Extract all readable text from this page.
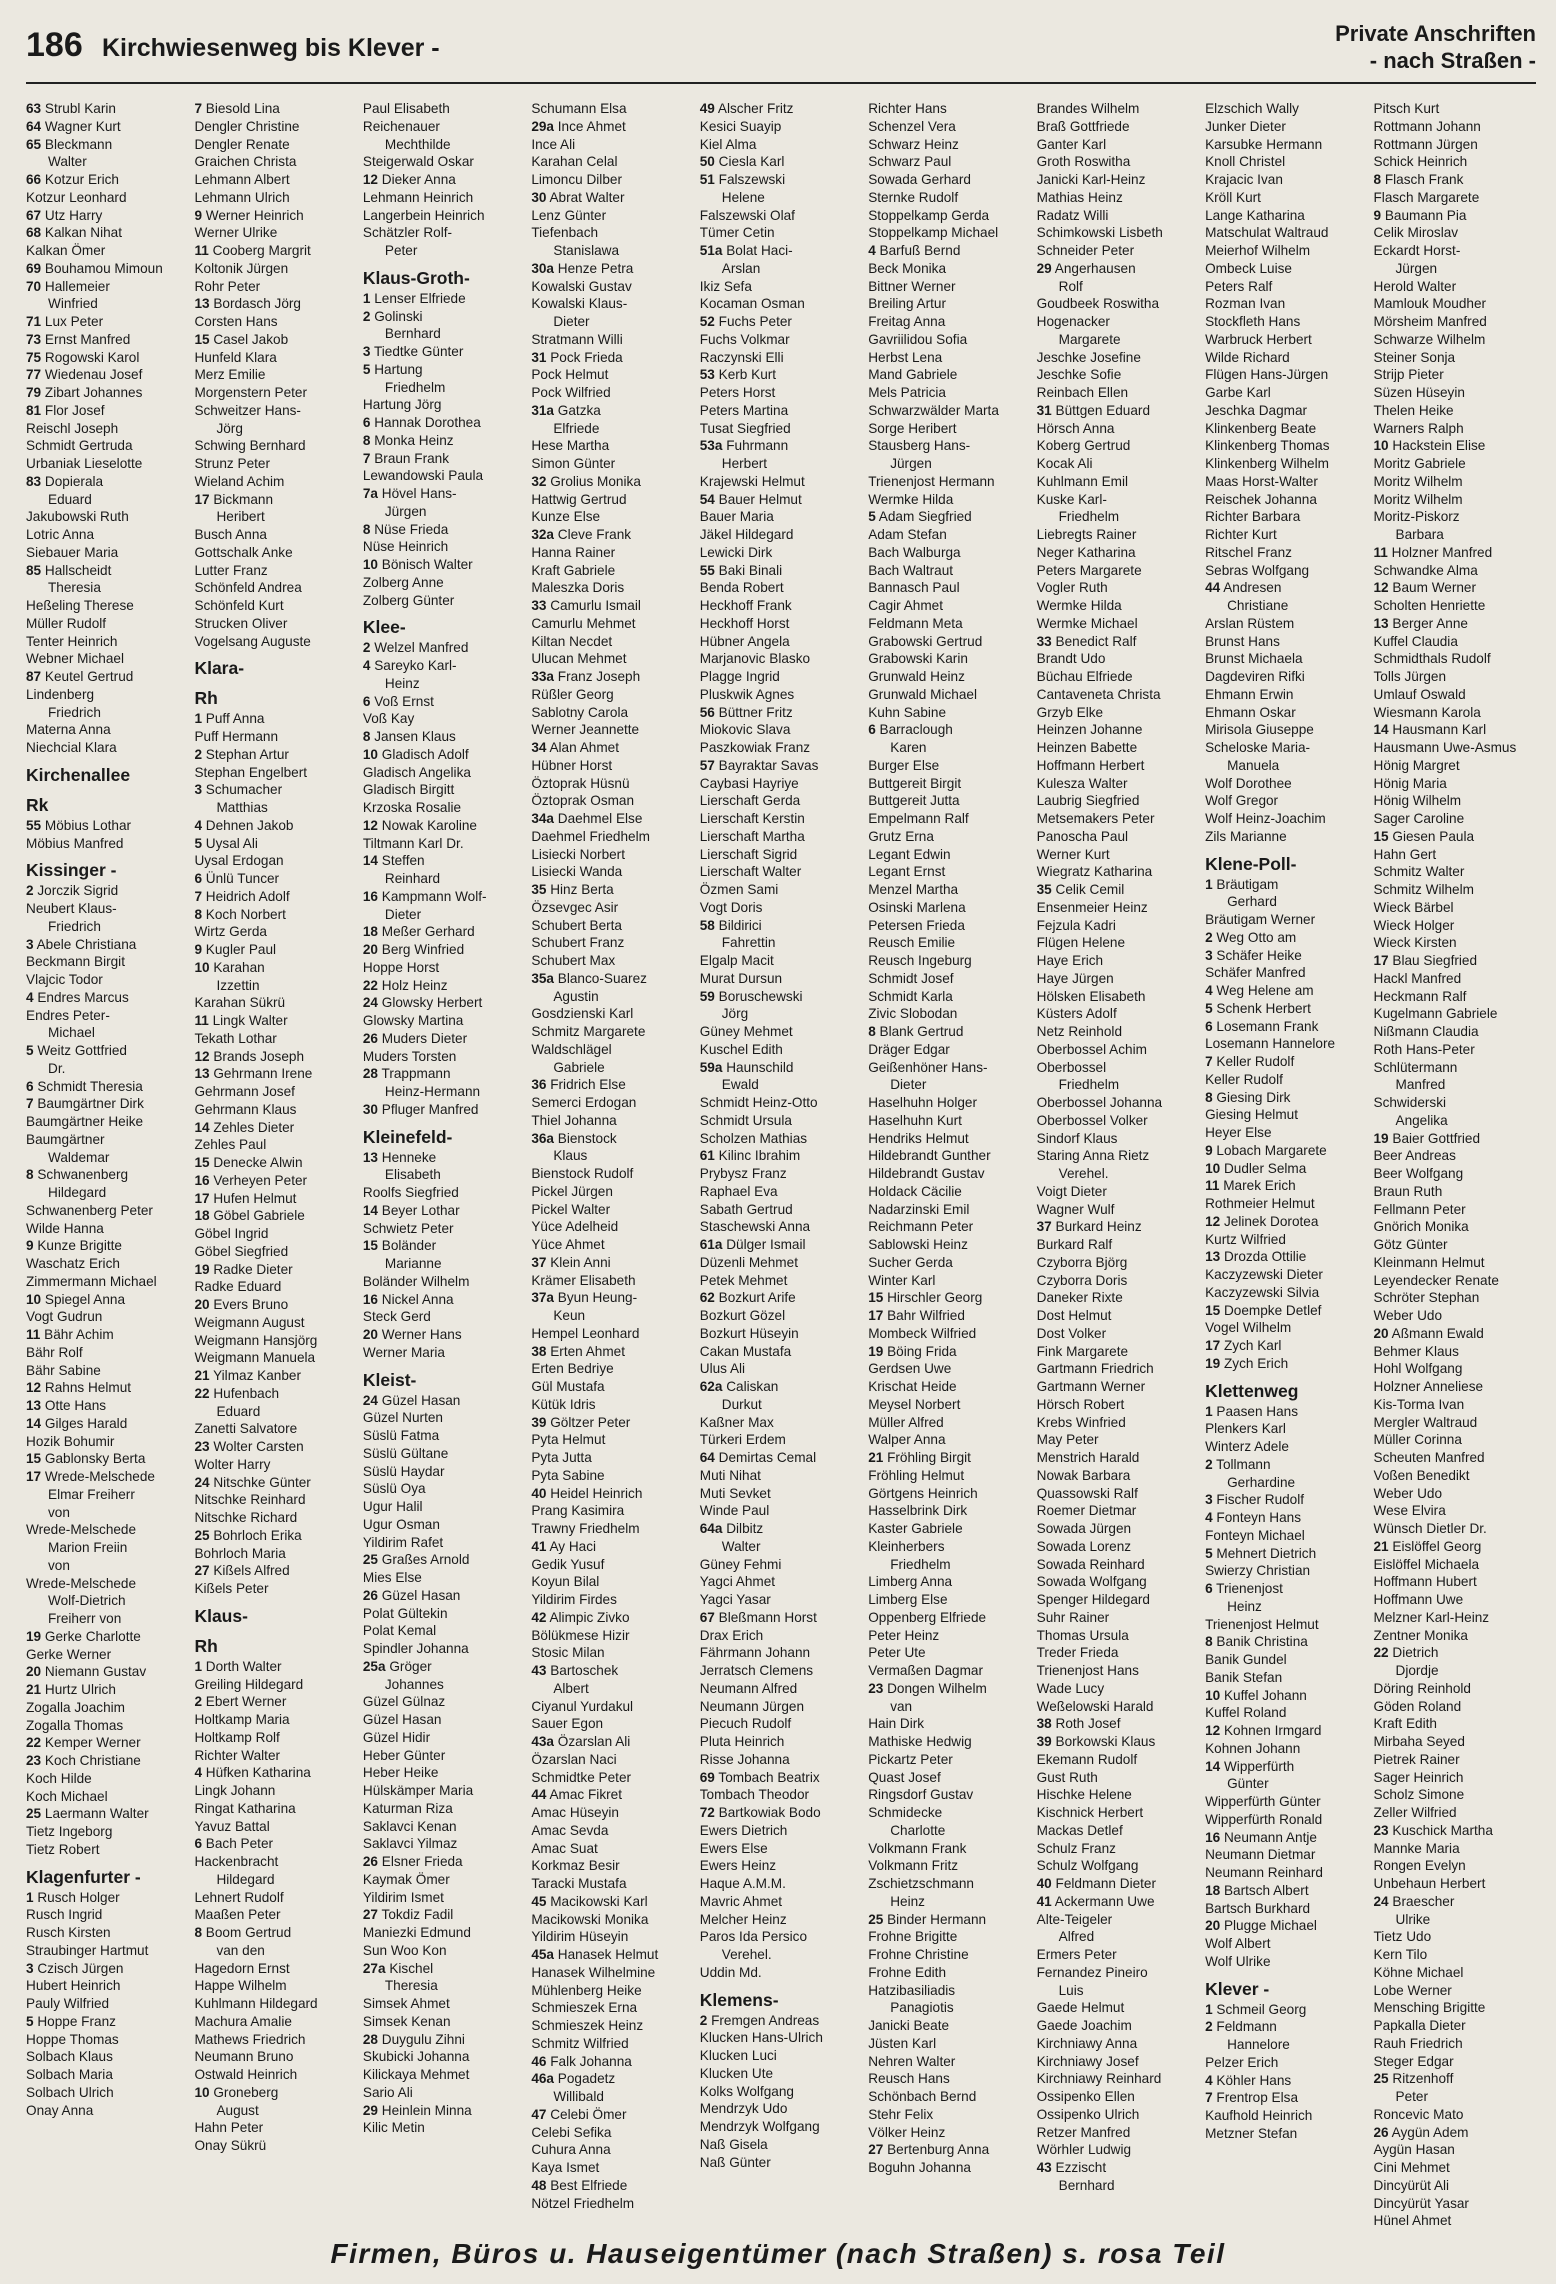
186 Kirchwiesenweg bis Klever -
Private Anschriften
- nach Straßen -
63 Strubl Karin
64 Wagner Kurt
65 Bleckmann
Walter
66 Kotzur Erich
Kotzur Leonhard
67 Utz Harry
68 Kalkan Nihat
Kalkan Ömer
69 Bouhamou Mimoun
70 Hallemeier
Winfried
71 Lux Peter
73 Ernst Manfred
75 Rogowski Karol
77 Wiedenau Josef
79 Zibart Johannes
81 Flor Josef
Reischl Joseph
Schmidt Gertruda
Urbaniak Lieselotte
83 Dopierala
Eduard
Jakubowski Ruth
Lotric Anna
Siebauer Maria
85 Hallscheidt
Theresia
Heßeling Therese
Müller Rudolf
Tenter Heinrich
Webner Michael
87 Keutel Gertrud
Lindenberg
Friedrich
Materna Anna
Niechcial Klara
Kirchenallee
Rk
55 Möbius Lothar
Möbius Manfred
Kissinger -
2 Jorczik Sigrid
Neubert Klaus-
Friedrich
3 Abele Christiana
Beckmann Birgit
Vlajcic Todor
4 Endres Marcus
Endres Peter-
Michael
5 Weitz Gottfried
Dr.
6 Schmidt Theresia
7 Baumgärtner Dirk
Baumgärtner Heike
Baumgärtner
Waldemar
8 Schwanenberg
Hildegard
Schwanenberg Peter
Wilde Hanna
9 Kunze Brigitte
Waschatz Erich
Zimmermann Michael
10 Spiegel Anna
Vogt Gudrun
11 Bähr Achim
Bähr Rolf
Bähr Sabine
12 Rahns Helmut
13 Otte Hans
14 Gilges Harald
Hozik Bohumir
15 Gablonsky Berta
17 Wrede-Melschede
Elmar Freiherr
von
Wrede-Melschede
Marion Freiin
von
Wrede-Melschede
Wolf-Dietrich
Freiherr von
19 Gerke Charlotte
Gerke Werner
20 Niemann Gustav
21 Hurtz Ulrich
Zogalla Joachim
Zogalla Thomas
22 Kemper Werner
23 Koch Christiane
Koch Hilde
Koch Michael
25 Laermann Walter
Tietz Ingeborg
Tietz Robert
Klagenfurter -
1 Rusch Holger
Rusch Ingrid
Rusch Kirsten
Straubinger Hartmut
3 Czisch Jürgen
Hubert Heinrich
Pauly Wilfried
5 Hoppe Franz
Hoppe Thomas
Solbach Klaus
Solbach Maria
Solbach Ulrich
Onay Anna
7 Biesold Lina
Dengler Christine
Dengler Renate
Graichen Christa
Lehmann Albert
Lehmann Ulrich
9 Werner Heinrich
Werner Ulrike
11 Cooberg Margrit
Koltonik Jürgen
Rohr Peter
13 Bordasch Jörg
Corsten Hans
15 Casel Jakob
Hunfeld Klara
Merz Emilie
Morgenstern Peter
Schweitzer Hans-
Jörg
Schwing Bernhard
Strunz Peter
Wieland Achim
17 Bickmann
Heribert
Busch Anna
Gottschalk Anke
Lutter Franz
Schönfeld Andrea
Schönfeld Kurt
Strucken Oliver
Vogelsang Auguste
Klara-
Rh
1 Puff Anna
Puff Hermann
2 Stephan Artur
Stephan Engelbert
3 Schumacher
Matthias
4 Dehnen Jakob
5 Uysal Ali
Uysal Erdogan
6 Ünlü Tuncer
7 Heidrich Adolf
8 Koch Norbert
Wirtz Gerda
9 Kugler Paul
10 Karahan
Izzettin
Karahan Sükrü
11 Lingk Walter
Tekath Lothar
12 Brands Joseph
13 Gehrmann Irene
Gehrmann Josef
Gehrmann Klaus
14 Zehles Dieter
Zehles Paul
15 Denecke Alwin
16 Verheyen Peter
17 Hufen Helmut
18 Göbel Gabriele
Göbel Ingrid
Göbel Siegfried
19 Radke Dieter
Radke Eduard
20 Evers Bruno
Weigmann August
Weigmann Hansjörg
Weigmann Manuela
21 Yilmaz Kanber
22 Hufenbach
Eduard
Zanetti Salvatore
23 Wolter Carsten
Wolter Harry
24 Nitschke Günter
Nitschke Reinhard
Nitschke Richard
25 Bohrloch Erika
Bohrloch Maria
27 Kißels Alfred
Kißels Peter
Klaus-
Rh
1 Dorth Walter
Greiling Hildegard
2 Ebert Werner
Holtkamp Maria
Holtkamp Rolf
Richter Walter
4 Hüfken Katharina
Lingk Johann
Ringat Katharina
Yavuz Battal
6 Bach Peter
Hackenbracht
Hildegard
Lehnert Rudolf
Maaßen Peter
8 Boom Gertrud
van den
Hagedorn Ernst
Happe Wilhelm
Kuhlmann Hildegard
Machura Amalie
Mathews Friedrich
Neumann Bruno
Ostwald Heinrich
10 Groneberg
August
Hahn Peter
Onay Sükrü
Paul Elisabeth
Reichenauer
Mechthilde
Steigerwald Oskar
12 Dieker Anna
Lehmann Heinrich
Langerbein Heinrich
Schätzler Rolf-
Peter
Klaus-Groth-
1 Lenser Elfriede
2 Golinski
Bernhard
3 Tiedtke Günter
5 Hartung
Friedhelm
Hartung Jörg
6 Hannak Dorothea
8 Monka Heinz
7 Braun Frank
Lewandowski Paula
7a Hövel Hans-
Jürgen
8 Nüse Frieda
Nüse Heinrich
10 Bönisch Walter
Zolberg Anne
Zolberg Günter
Klee-
2 Welzel Manfred
4 Sareyko Karl-
Heinz
6 Voß Ernst
Voß Kay
8 Jansen Klaus
10 Gladisch Adolf
Gladisch Angelika
Gladisch Birgitt
Krzoska Rosalie
12 Nowak Karoline
Tiltmann Karl Dr.
14 Steffen
Reinhard
16 Kampmann Wolf-
Dieter
18 Meßer Gerhard
20 Berg Winfried
Hoppe Horst
22 Holz Heinz
24 Glowsky Herbert
Glowsky Martina
26 Muders Dieter
Muders Torsten
28 Trappmann
Heinz-Hermann
30 Pfluger Manfred
Kleinefeld-
13 Henneke
Elisabeth
Roolfs Siegfried
14 Beyer Lothar
Schwietz Peter
15 Boländer
Marianne
Boländer Wilhelm
16 Nickel Anna
Steck Gerd
20 Werner Hans
Werner Maria
Kleist-
24 Güzel Hasan
Güzel Nurten
Süslü Fatma
Süslü Gültane
Süslü Haydar
Süslü Oya
Ugur Halil
Ugur Osman
Yildirim Rafet
25 Graßes Arnold
Mies Else
26 Güzel Hasan
Polat Gültekin
Polat Kemal
Spindler Johanna
25a Gröger
Johannes
Güzel Gülnaz
Güzel Hasan
Güzel Hidir
Heber Günter
Heber Heike
Hülskämper Maria
Katurman Riza
Saklavci Kenan
Saklavci Yilmaz
26 Elsner Frieda
Kaymak Ömer
Yildirim Ismet
27 Tokdiz Fadil
Maniezki Edmund
Sun Woo Kon
27a Kischel
Theresia
Simsek Ahmet
Simsek Kenan
28 Duygulu Zihni
Skubicki Johanna
Kilickaya Mehmet
Sario Ali
29 Heinlein Minna
Kilic Metin
Schumann Elsa
29a Ince Ahmet
Ince Ali
Karahan Celal
Limoncu Dilber
30 Abrat Walter
Lenz Günter
Tiefenbach
Stanislawa
30a Henze Petra
Kowalski Gustav
Kowalski Klaus-
Dieter
Stratmann Willi
31 Pock Frieda
Pock Helmut
Pock Wilfried
31a Gatzka
Elfriede
Hese Martha
Simon Günter
32 Grolius Monika
Hattwig Gertrud
Kunze Else
32a Cleve Frank
Hanna Rainer
Kraft Gabriele
Maleszka Doris
33 Camurlu Ismail
Camurlu Mehmet
Kiltan Necdet
Ulucan Mehmet
33a Franz Joseph
Rüßler Georg
Sablotny Carola
Werner Jeannette
34 Alan Ahmet
Hübner Horst
Öztoprak Hüsnü
Öztoprak Osman
34a Daehmel Else
Daehmel Friedhelm
Lisiecki Norbert
Lisiecki Wanda
35 Hinz Berta
Özsevgec Asir
Schubert Berta
Schubert Franz
Schubert Max
35a Blanco-Suarez
Agustin
Gosdzienski Karl
Schmitz Margarete
Waldschlägel
Gabriele
36 Fridrich Else
Semerci Erdogan
Thiel Johanna
36a Bienstock
Klaus
Bienstock Rudolf
Pickel Jürgen
Pickel Walter
Yüce Adelheid
Yüce Ahmet
37 Klein Anni
Krämer Elisabeth
37a Byun Heung-
Keun
Hempel Leonhard
38 Erten Ahmet
Erten Bedriye
Gül Mustafa
Kütük Idris
39 Göltzer Peter
Pyta Helmut
Pyta Jutta
Pyta Sabine
40 Heidel Heinrich
Prang Kasimira
Trawny Friedhelm
41 Ay Haci
Gedik Yusuf
Koyun Bilal
Yildirim Firdes
42 Alimpic Zivko
Bölükmese Hizir
Stosic Milan
43 Bartoschek
Albert
Ciyanul Yurdakul
Sauer Egon
43a Özarslan Ali
Özarslan Naci
Schmidtke Peter
44 Amac Fikret
Amac Hüseyin
Amac Sevda
Amac Suat
Korkmaz Besir
Taracki Mustafa
45 Macikowski Karl
Macikowski Monika
Yildirim Hüseyin
45a Hanasek Helmut
Hanasek Wilhelmine
Mühlenberg Heike
Schmieszek Erna
Schmieszek Heinz
Schmitz Wilfried
46 Falk Johanna
46a Pogadetz
Willibald
47 Celebi Ömer
Celebi Sefika
Cuhura Anna
Kaya Ismet
48 Best Elfriede
Nötzel Friedhelm
49 Alscher Fritz
Kesici Suayip
Kiel Alma
50 Ciesla Karl
51 Falszewski
Helene
Falszewski Olaf
Tümer Cetin
51a Bolat Haci-
Arslan
Ikiz Sefa
Kocaman Osman
52 Fuchs Peter
Fuchs Volkmar
Raczynski Elli
53 Kerb Kurt
Peters Horst
Peters Martina
Tusat Siegfried
53a Fuhrmann
Herbert
Krajewski Helmut
54 Bauer Helmut
Bauer Maria
Jäkel Hildegard
Lewicki Dirk
55 Baki Binali
Benda Robert
Heckhoff Frank
Heckhoff Horst
Hübner Angela
Marjanovic Blasko
Plagge Ingrid
Pluskwik Agnes
56 Büttner Fritz
Miokovic Slava
Paszkowiak Franz
57 Bayraktar Savas
Caybasi Hayriye
Lierschaft Gerda
Lierschaft Kerstin
Lierschaft Martha
Lierschaft Sigrid
Lierschaft Walter
Özmen Sami
Vogt Doris
58 Bildirici
Fahrettin
Elgalp Macit
Murat Dursun
59 Boruschewski
Jörg
Güney Mehmet
Kuschel Edith
59a Haunschild
Ewald
Schmidt Heinz-Otto
Schmidt Ursula
Scholzen Mathias
61 Kilinc Ibrahim
Prybysz Franz
Raphael Eva
Sabath Gertrud
Staschewski Anna
61a Dülger Ismail
Düzenli Mehmet
Petek Mehmet
62 Bozkurt Arife
Bozkurt Gözel
Bozkurt Hüseyin
Cakan Mustafa
Ulus Ali
62a Caliskan
Durkut
Kaßner Max
Türkeri Erdem
64 Demirtas Cemal
Muti Nihat
Muti Sevket
Winde Paul
64a Dilbitz
Walter
Güney Fehmi
Yagci Ahmet
Yagci Yasar
67 Bleßmann Horst
Drax Erich
Fährmann Johann
Jerratsch Clemens
Neumann Alfred
Neumann Jürgen
Piecuch Rudolf
Pluta Heinrich
Risse Johanna
69 Tombach Beatrix
Tombach Theodor
72 Bartkowiak Bodo
Ewers Dietrich
Ewers Else
Ewers Heinz
Haque A.M.M.
Mavric Ahmet
Melcher Heinz
Paros Ida Persico
Verehel.
Uddin Md.
Klemens-
2 Fremgen Andreas
Klucken Hans-Ulrich
Klucken Luci
Klucken Ute
Kolks Wolfgang
Mendrzyk Udo
Mendrzyk Wolfgang
Naß Gisela
Naß Günter
Richter Hans
Schenzel Vera
Schwarz Heinz
Schwarz Paul
Sowada Gerhard
Sternke Rudolf
Stoppelkamp Gerda
Stoppelkamp Michael
4 Barfuß Bernd
Beck Monika
Bittner Werner
Breiling Artur
Freitag Anna
Gavriilidou Sofia
Herbst Lena
Mand Gabriele
Mels Patricia
Schwarzwälder Marta
Sorge Heribert
Stausberg Hans-
Jürgen
Trienenjost Hermann
Wermke Hilda
5 Adam Siegfried
Adam Stefan
Bach Walburga
Bach Waltraut
Bannasch Paul
Cagir Ahmet
Feldmann Meta
Grabowski Gertrud
Grabowski Karin
Grunwald Heinz
Grunwald Michael
Kuhn Sabine
6 Barraclough
Karen
Burger Else
Buttgereit Birgit
Buttgereit Jutta
Empelmann Ralf
Grutz Erna
Legant Edwin
Legant Ernst
Menzel Martha
Osinski Marlena
Petersen Frieda
Reusch Emilie
Reusch Ingeburg
Schmidt Josef
Schmidt Karla
Zivic Slobodan
8 Blank Gertrud
Dräger Edgar
Geißenhöner Hans-
Dieter
Haselhuhn Holger
Haselhuhn Kurt
Hendriks Helmut
Hildebrandt Gunther
Hildebrandt Gustav
Holdack Cäcilie
Nadarzinski Emil
Reichmann Peter
Sablowski Heinz
Sucher Gerda
Winter Karl
15 Hirschler Georg
17 Bahr Wilfried
Mombeck Wilfried
19 Böing Frida
Gerdsen Uwe
Krischat Heide
Meysel Norbert
Müller Alfred
Walper Anna
21 Fröhling Birgit
Fröhling Helmut
Görtgens Heinrich
Hasselbrink Dirk
Kaster Gabriele
Kleinherbers
Friedhelm
Limberg Anna
Limberg Else
Oppenberg Elfriede
Peter Heinz
Peter Ute
Vermaßen Dagmar
23 Dongen Wilhelm
van
Hain Dirk
Mathiske Hedwig
Pickartz Peter
Quast Josef
Ringsdorf Gustav
Schmidecke
Charlotte
Volkmann Frank
Volkmann Fritz
Zschietzschmann
Heinz
25 Binder Hermann
Frohne Brigitte
Frohne Christine
Frohne Edith
Hatzibasiliadis
Panagiotis
Janicki Beate
Jüsten Karl
Nehren Walter
Reusch Hans
Schönbach Bernd
Stehr Felix
Völker Heinz
27 Bertenburg Anna
Boguhn Johanna
Brandes Wilhelm
Braß Gottfriede
Ganter Karl
Groth Roswitha
Janicki Karl-Heinz
Mathias Heinz
Radatz Willi
Schimkowski Lisbeth
Schneider Peter
29 Angerhausen
Rolf
Goudbeek Roswitha
Hogenacker
Margarete
Jeschke Josefine
Jeschke Sofie
Reinbach Ellen
31 Büttgen Eduard
Hörsch Anna
Koberg Gertrud
Kocak Ali
Kuhlmann Emil
Kuske Karl-
Friedhelm
Liebregts Rainer
Neger Katharina
Peters Margarete
Vogler Ruth
Wermke Hilda
Wermke Michael
33 Benedict Ralf
Brandt Udo
Büchau Elfriede
Cantaveneta Christa
Grzyb Elke
Heinzen Johanne
Heinzen Babette
Hoffmann Herbert
Kulesza Walter
Laubrig Siegfried
Metsemakers Peter
Panoscha Paul
Werner Kurt
Wiegratz Katharina
35 Celik Cemil
Ensenmeier Heinz
Fejzula Kadri
Flügen Helene
Haye Erich
Haye Jürgen
Hölsken Elisabeth
Küsters Adolf
Netz Reinhold
Oberbossel Achim
Oberbossel
Friedhelm
Oberbossel Johanna
Oberbossel Volker
Sindorf Klaus
Staring Anna Rietz
Verehel.
Voigt Dieter
Wagner Wulf
37 Burkard Heinz
Burkard Ralf
Czyborra Björg
Czyborra Doris
Daneker Rixte
Dost Helmut
Dost Volker
Fink Margarete
Gartmann Friedrich
Gartmann Werner
Hörsch Robert
Krebs Winfried
May Peter
Menstrich Harald
Nowak Barbara
Quassowski Ralf
Roemer Dietmar
Sowada Jürgen
Sowada Lorenz
Sowada Reinhard
Sowada Wolfgang
Spenger Hildegard
Suhr Rainer
Thomas Ursula
Treder Frieda
Trienenjost Hans
Wade Lucy
Weßelowski Harald
38 Roth Josef
39 Borkowski Klaus
Ekemann Rudolf
Gust Ruth
Hischke Helene
Kischnick Herbert
Mackas Detlef
Schulz Franz
Schulz Wolfgang
40 Feldmann Dieter
41 Ackermann Uwe
Alte-Teigeler
Alfred
Ermers Peter
Fernandez Pineiro
Luis
Gaede Helmut
Gaede Joachim
Kirchniawy Anna
Kirchniawy Josef
Kirchniawy Reinhard
Ossipenko Ellen
Ossipenko Ulrich
Retzer Manfred
Wörhler Ludwig
43 Ezzischt
Bernhard
Elzschich Wally
Junker Dieter
Karsubke Hermann
Knoll Christel
Krajacic Ivan
Kröll Kurt
Lange Katharina
Matschulat Waltraud
Meierhof Wilhelm
Ombeck Luise
Peters Ralf
Rozman Ivan
Stockfleth Hans
Warbruck Herbert
Wilde Richard
Flügen Hans-Jürgen
Garbe Karl
Jeschka Dagmar
Klinkenberg Beate
Klinkenberg Thomas
Klinkenberg Wilhelm
Maas Horst-Walter
Reischek Johanna
Richter Barbara
Richter Kurt
Ritschel Franz
Sebras Wolfgang
44 Andresen
Christiane
Arslan Rüstem
Brunst Hans
Brunst Michaela
Dagdeviren Rifki
Ehmann Erwin
Ehmann Oskar
Mirisola Giuseppe
Scheloske Maria-
Manuela
Wolf Dorothee
Wolf Gregor
Wolf Heinz-Joachim
Zils Marianne
Klene-Poll-
1 Bräutigam
Gerhard
Bräutigam Werner
2 Weg Otto am
3 Schäfer Heike
Schäfer Manfred
4 Weg Helene am
5 Schenk Herbert
6 Losemann Frank
Losemann Hannelore
7 Keller Rudolf
Keller Rudolf
8 Giesing Dirk
Giesing Helmut
Heyer Else
9 Lobach Margarete
10 Dudler Selma
11 Marek Erich
Rothmeier Helmut
12 Jelinek Dorotea
Kurtz Wilfried
13 Drozda Ottilie
Kaczyzewski Dieter
Kaczyzewski Silvia
15 Doempke Detlef
Vogel Wilhelm
17 Zych Karl
19 Zych Erich
Klettenweg
1 Paasen Hans
Plenkers Karl
Winterz Adele
2 Tollmann
Gerhardine
3 Fischer Rudolf
4 Fonteyn Hans
Fonteyn Michael
5 Mehnert Dietrich
Swierzy Christian
6 Trienenjost
Heinz
Trienenjost Helmut
8 Banik Christina
Banik Gundel
Banik Stefan
10 Kuffel Johann
Kuffel Roland
12 Kohnen Irmgard
Kohnen Johann
14 Wipperfürth
Günter
Wipperfürth Günter
Wipperfürth Ronald
16 Neumann Antje
Neumann Dietmar
Neumann Reinhard
18 Bartsch Albert
Bartsch Burkhard
20 Plugge Michael
Wolf Albert
Wolf Ulrike
Klever -
1 Schmeil Georg
2 Feldmann
Hannelore
Pelzer Erich
4 Köhler Hans
7 Frentrop Elsa
Kaufhold Heinrich
Metzner Stefan
Pitsch Kurt
Rottmann Johann
Rottmann Jürgen
Schick Heinrich
8 Flasch Frank
Flasch Margarete
9 Baumann Pia
Celik Miroslav
Eckardt Horst-
Jürgen
Herold Walter
Mamlouk Moudher
Mörsheim Manfred
Schwarze Wilhelm
Steiner Sonja
Strijp Pieter
Süzen Hüseyin
Thelen Heike
Warners Ralph
10 Hackstein Elise
Moritz Gabriele
Moritz Wilhelm
Moritz Wilhelm
Moritz-Piskorz
Barbara
11 Holzner Manfred
Schwandke Alma
12 Baum Werner
Scholten Henriette
13 Berger Anne
Kuffel Claudia
Schmidthals Rudolf
Tolls Jürgen
Umlauf Oswald
Wiesmann Karola
14 Hausmann Karl
Hausmann Uwe-Asmus
Hönig Margret
Hönig Maria
Hönig Wilhelm
Sager Caroline
15 Giesen Paula
Hahn Gert
Schmitz Walter
Schmitz Wilhelm
Wieck Bärbel
Wieck Holger
Wieck Kirsten
17 Blau Siegfried
Hackl Manfred
Heckmann Ralf
Kugelmann Gabriele
Nißmann Claudia
Roth Hans-Peter
Schlütermann
Manfred
Schwiderski
Angelika
19 Baier Gottfried
Beer Andreas
Beer Wolfgang
Braun Ruth
Fellmann Peter
Gnörich Monika
Götz Günter
Kleinmann Helmut
Leyendecker Renate
Schröter Stephan
Weber Udo
20 Aßmann Ewald
Behmer Klaus
Hohl Wolfgang
Holzner Anneliese
Kis-Torma Ivan
Mergler Waltraud
Müller Corinna
Scheuten Manfred
Voßen Benedikt
Weber Udo
Wese Elvira
Wünsch Dietler Dr.
21 Eislöffel Georg
Eislöffel Michaela
Hoffmann Hubert
Hoffmann Uwe
Melzner Karl-Heinz
Zentner Monika
22 Dietrich
Djordje
Döring Reinhold
Göden Roland
Kraft Edith
Mirbaha Seyed
Pietrek Rainer
Sager Heinrich
Scholz Simone
Zeller Wilfried
23 Kuschick Martha
Mannke Maria
Rongen Evelyn
Unbehaun Herbert
24 Braescher
Ulrike
Tietz Udo
Kern Tilo
Köhne Michael
Lobe Werner
Mensching Brigitte
Papkalla Dieter
Rauh Friedrich
Steger Edgar
25 Ritzenhoff
Peter
Roncevic Mato
26 Aygün Adem
Aygün Hasan
Cini Mehmet
Dincyürüt Ali
Dincyürüt Yasar
Hünel Ahmet
Firmen, Büros u. Hauseigentümer (nach Straßen) s. rosa Teil
